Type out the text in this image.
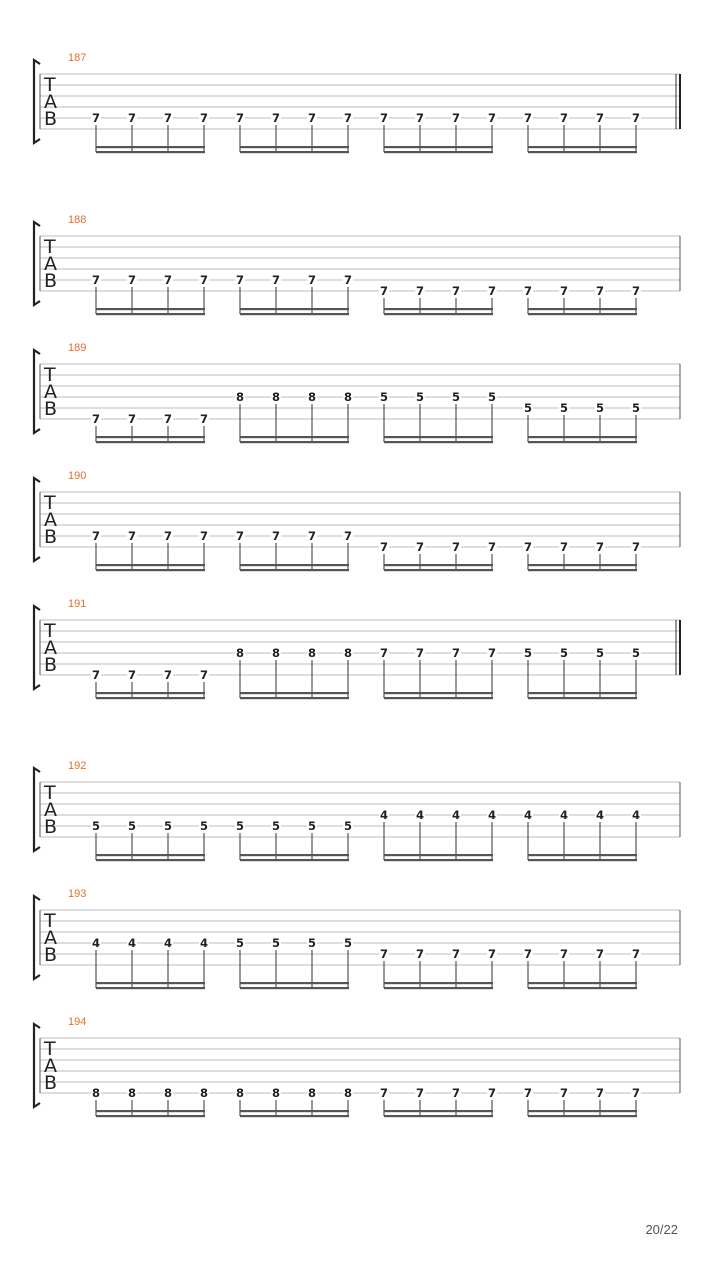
187
T
A
B	7 7 7 7 7 7 7 7 7 7 7 7 7 7 7 7
188
T
A
B	7 7 7 7 7 7 7 7
7 7 7 7 7 7 7 7
189
T
A
B	7 7 7 7
8 8 8 8 5 5 5 5
5 5 5 5
190
T
A
B	7 7 7 7 7 7 7 7
7 7 7 7 7 7 7 7
191
T
A
B	7 7 7 7
8 8 8 8 7 7 7 7 5 5 5 5
192
T
A
B	5 5 5 5 5 5 5 5
4 4 4 4 4 4 4 4
193
T
A
B
4 4 4 4 5 5 5 5
7 7 7 7 7 7 7 7
194
T
A
B	8 8 8 8 8 8 8 8 7 7 7 7 7 7 7 7
20/22
